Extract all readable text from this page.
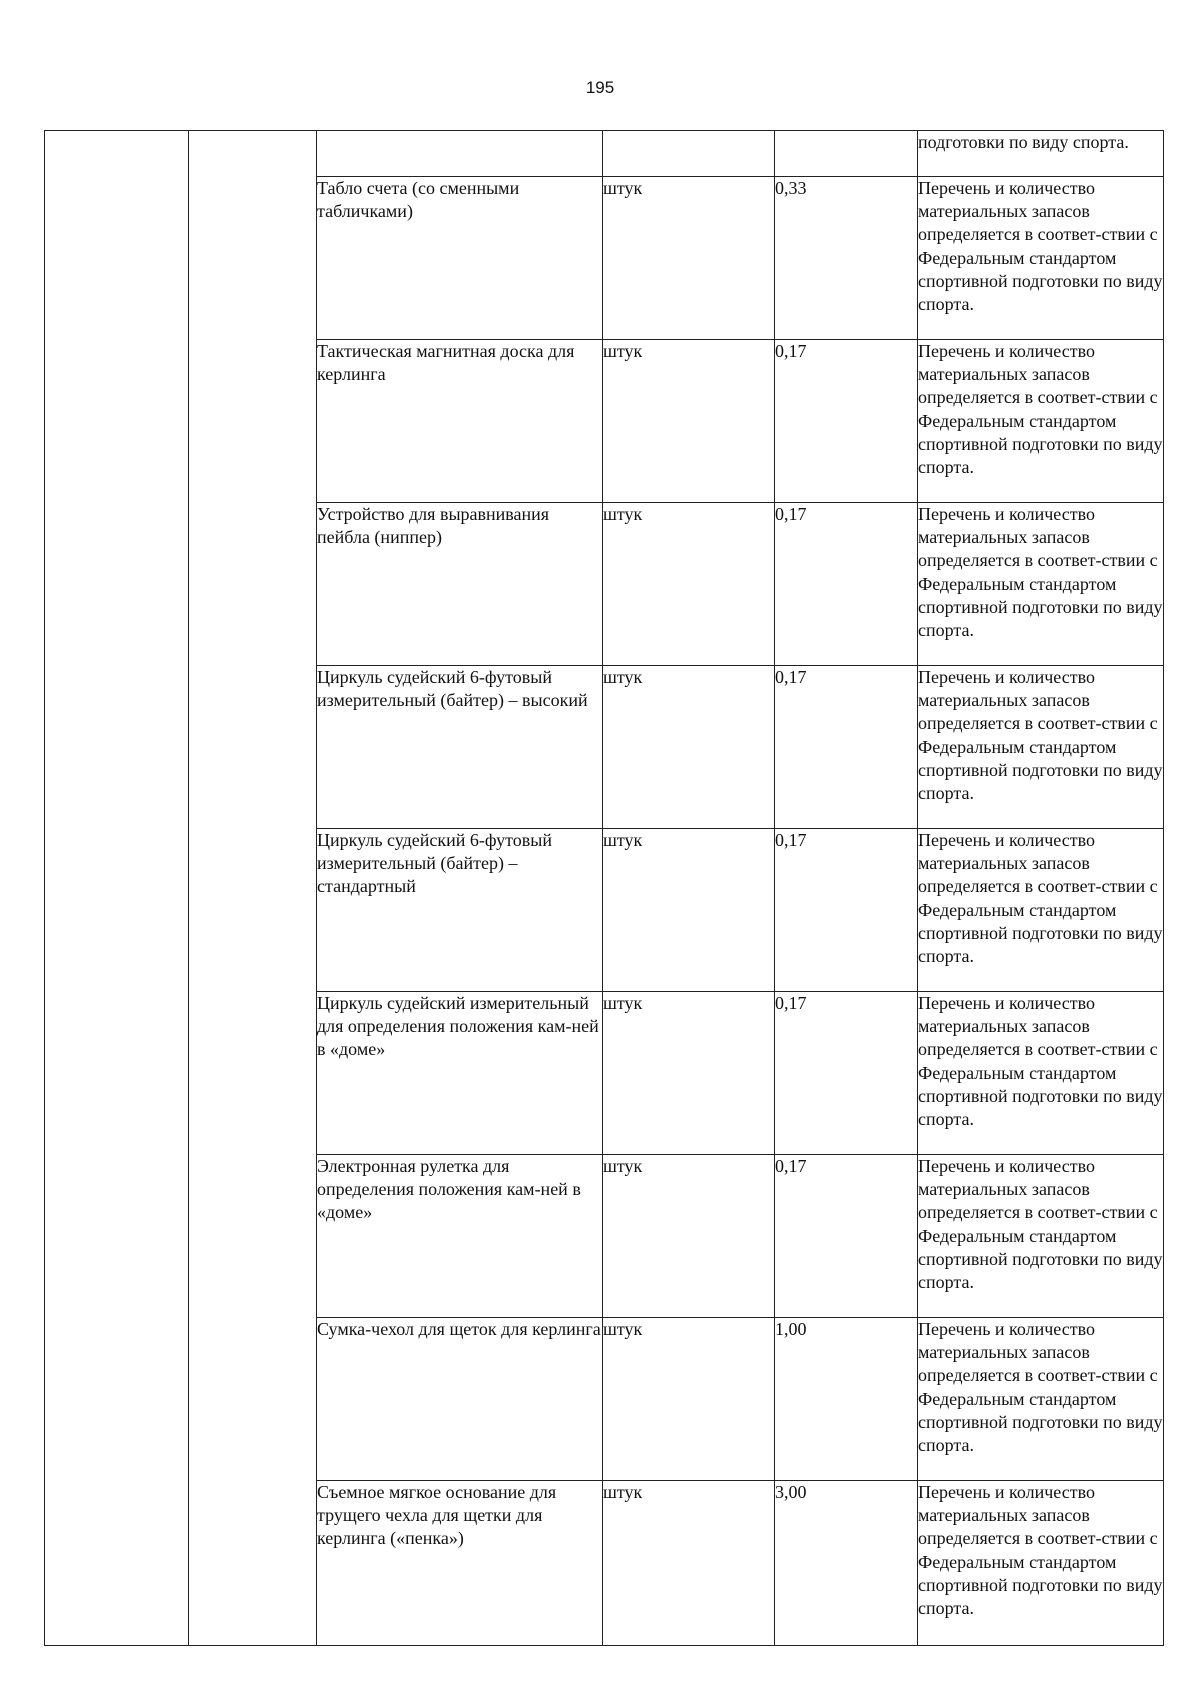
195
					подготовки по виду спорта.
		Табло счета (со сменными табличками)	штук	0,33	Перечень и количество материальных запасов определяется в соответ-ствии с Федеральным стандартом спортивной подготовки по виду спорта.
		Тактическая магнитная доска для керлинга	штук	0,17	Перечень и количество материальных запасов определяется в соответ-ствии с Федеральным стандартом спортивной подготовки по виду спорта.
		Устройство для выравнивания пейбла (ниппер)	штук	0,17	Перечень и количество материальных запасов определяется в соответ-ствии с Федеральным стандартом спортивной подготовки по виду спорта.
		Циркуль судейский 6-футовый измерительный (байтер) – высокий	штук	0,17	Перечень и количество материальных запасов определяется в соответ-ствии с Федеральным стандартом спортивной подготовки по виду спорта.
		Циркуль судейский 6-футовый измерительный (байтер) – стандартный	штук	0,17	Перечень и количество материальных запасов определяется в соответ-ствии с Федеральным стандартом спортивной подготовки по виду спорта.
		Циркуль судейский измерительный для определения положения кам-ней в «доме»	штук	0,17	Перечень и количество материальных запасов определяется в соответ-ствии с Федеральным стандартом спортивной подготовки по виду спорта.
		Электронная рулетка для определения положения кам-ней в «доме»	штук	0,17	Перечень и количество материальных запасов определяется в соответ-ствии с Федеральным стандартом спортивной подготовки по виду спорта.
		Сумка-чехол для щеток для керлинга	штук	1,00	Перечень и количество материальных запасов определяется в соответ-ствии с Федеральным стандартом спортивной подготовки по виду спорта.
		Съемное мягкое основание для трущего чехла для щетки для керлинга («пенка»)	штук	3,00	Перечень и количество материальных запасов определяется в соответ-ствии с Федеральным стандартом спортивной подготовки по виду спорта.
